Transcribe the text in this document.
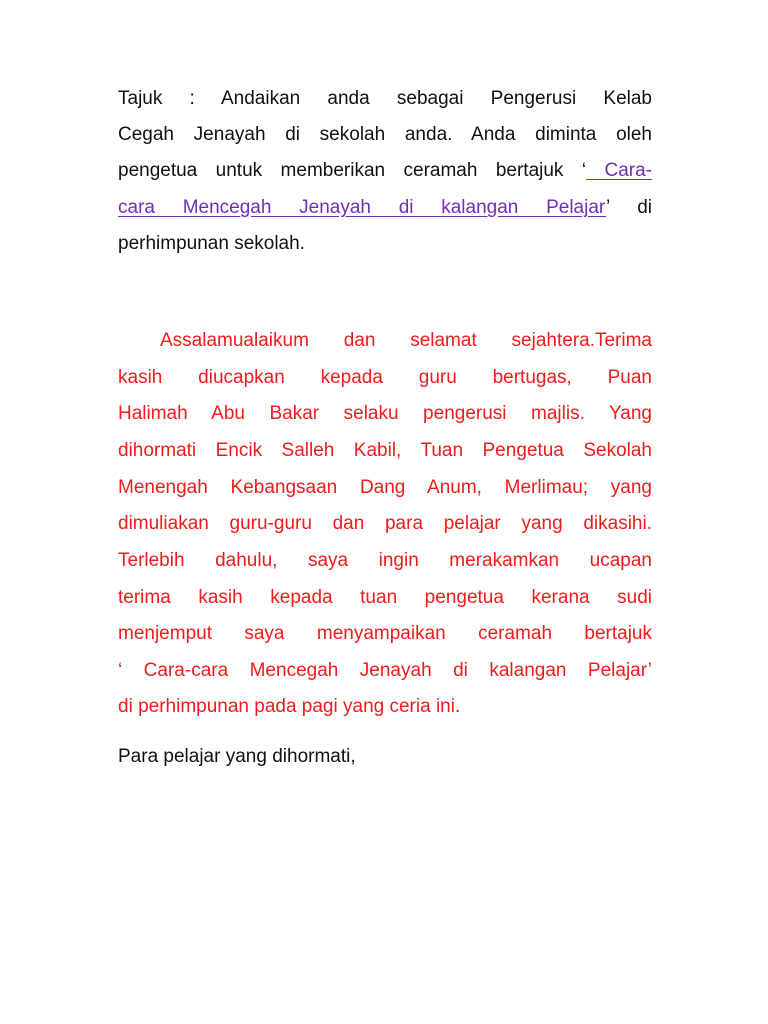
Tajuk : Andaikan anda sebagai Pengerusi Kelab
Cegah Jenayah di sekolah anda. Anda diminta oleh
pengetua untuk memberikan ceramah bertajuk ‘ Cara-
cara Mencegah Jenayah di kalangan Pelajar’ di
perhimpunan sekolah.
Assalamualaikum dan selamat sejahtera.Terima
kasih diucapkan kepada guru bertugas, Puan
Halimah Abu Bakar selaku pengerusi majlis. Yang
dihormati Encik Salleh Kabil, Tuan Pengetua Sekolah
Menengah Kebangsaan Dang Anum, Merlimau; yang
dimuliakan guru-guru dan para pelajar yang dikasihi.
Terlebih dahulu, saya ingin merakamkan ucapan
terima kasih kepada tuan pengetua kerana sudi
menjemput saya menyampaikan ceramah bertajuk
‘ Cara-cara Mencegah Jenayah di kalangan Pelajar’
di perhimpunan pada pagi yang ceria ini.
Para pelajar yang dihormati,
